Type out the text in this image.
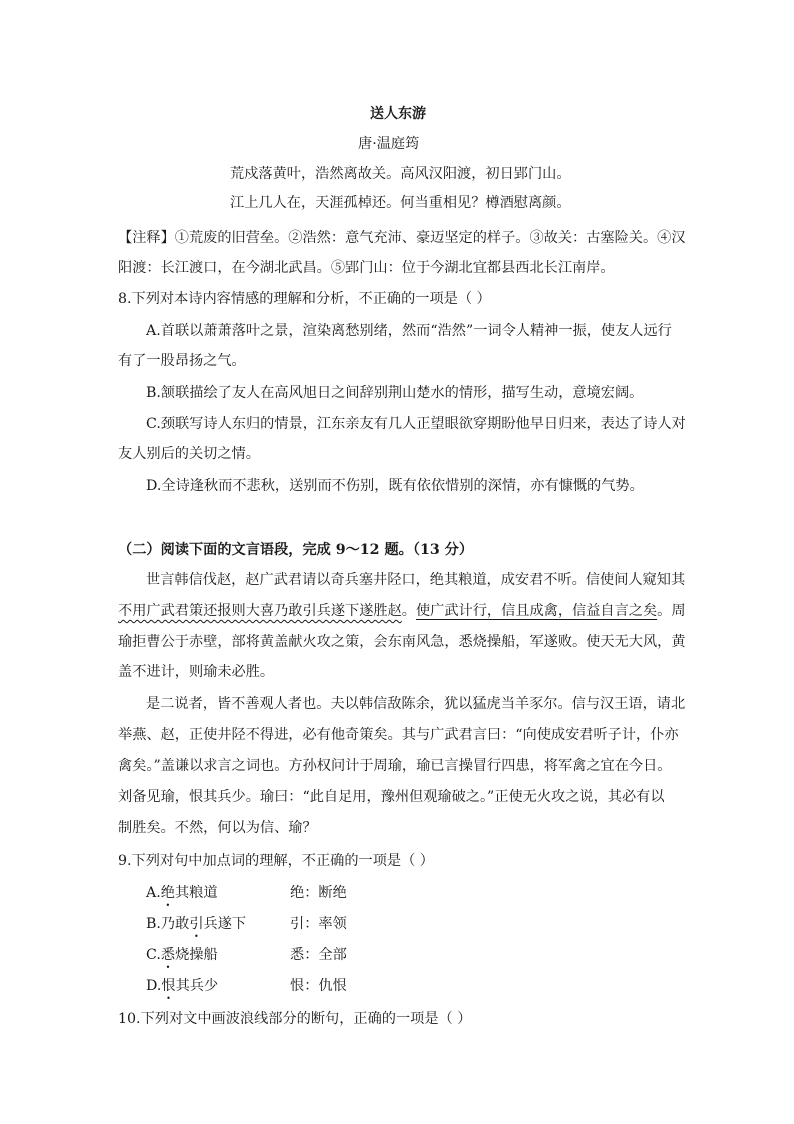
送人东游
唐·温庭筠
荒戍落黄叶，浩然离故关。高风汉阳渡，初日郢门山。
江上几人在，天涯孤棹还。何当重相见？樽酒慰离颜。
【注释】①荒废的旧营垒。②浩然：意气充沛、豪迈坚定的样子。③故关：古塞险关。④汉
阳渡：长江渡口，在今湖北武昌。⑤郢门山：位于今湖北宜都县西北长江南岸。
8.下列对本诗内容情感的理解和分析，不正确的一项是（ ）
A.首联以萧萧落叶之景，渲染离愁别绪，然而“浩然”一词令人精神一振，使友人远行
有了一股昂扬之气。
B.颔联描绘了友人在高风旭日之间辞别荆山楚水的情形，描写生动，意境宏阔。
C.颈联写诗人东归的情景，江东亲友有几人正望眼欲穿期盼他早日归来，表达了诗人对
友人别后的关切之情。
D.全诗逢秋而不悲秋，送别而不伤别，既有依依惜别的深情，亦有慷慨的气势。
（二）阅读下面的文言语段，完成 9～12 题。（13 分）
世言韩信伐赵，赵广武君请以奇兵塞井陉口，绝其粮道，成安君不听。信使间人窥知其
不用广武君策还报则大喜乃敢引兵遂下遂胜赵。使广武计行，信且成禽，信益自言之矣。周
瑜拒曹公于赤壁，部将黄盖献火攻之策，会东南风急，悉烧操船，军遂败。使天无大风，黄
盖不进计，则瑜未必胜。
是二说者，皆不善观人者也。夫以韩信敌陈余，犹以猛虎当羊豕尔。信与汉王语，请北
举燕、赵，正使井陉不得进，必有他奇策矣。其与广武君言曰：“向使成安君听子计，仆亦
禽矣。”盖谦以求言之词也。方孙权问计于周瑜，瑜已言操冒行四患，将军禽之宜在今日。
刘备见瑜，恨其兵少。瑜曰：“此自足用，豫州但观瑜破之。”正使无火攻之说，其必有以
制胜矣。不然，何以为信、瑜？
9.下列对句中加点词的理解，不正确的一项是（ ）
A.绝其粮道	绝：断绝
B.乃敢引兵遂下	引：率领
C.悉烧操船	悉：全部
D.恨其兵少	恨：仇恨
10.下列对文中画波浪线部分的断句，正确的一项是（ ）
